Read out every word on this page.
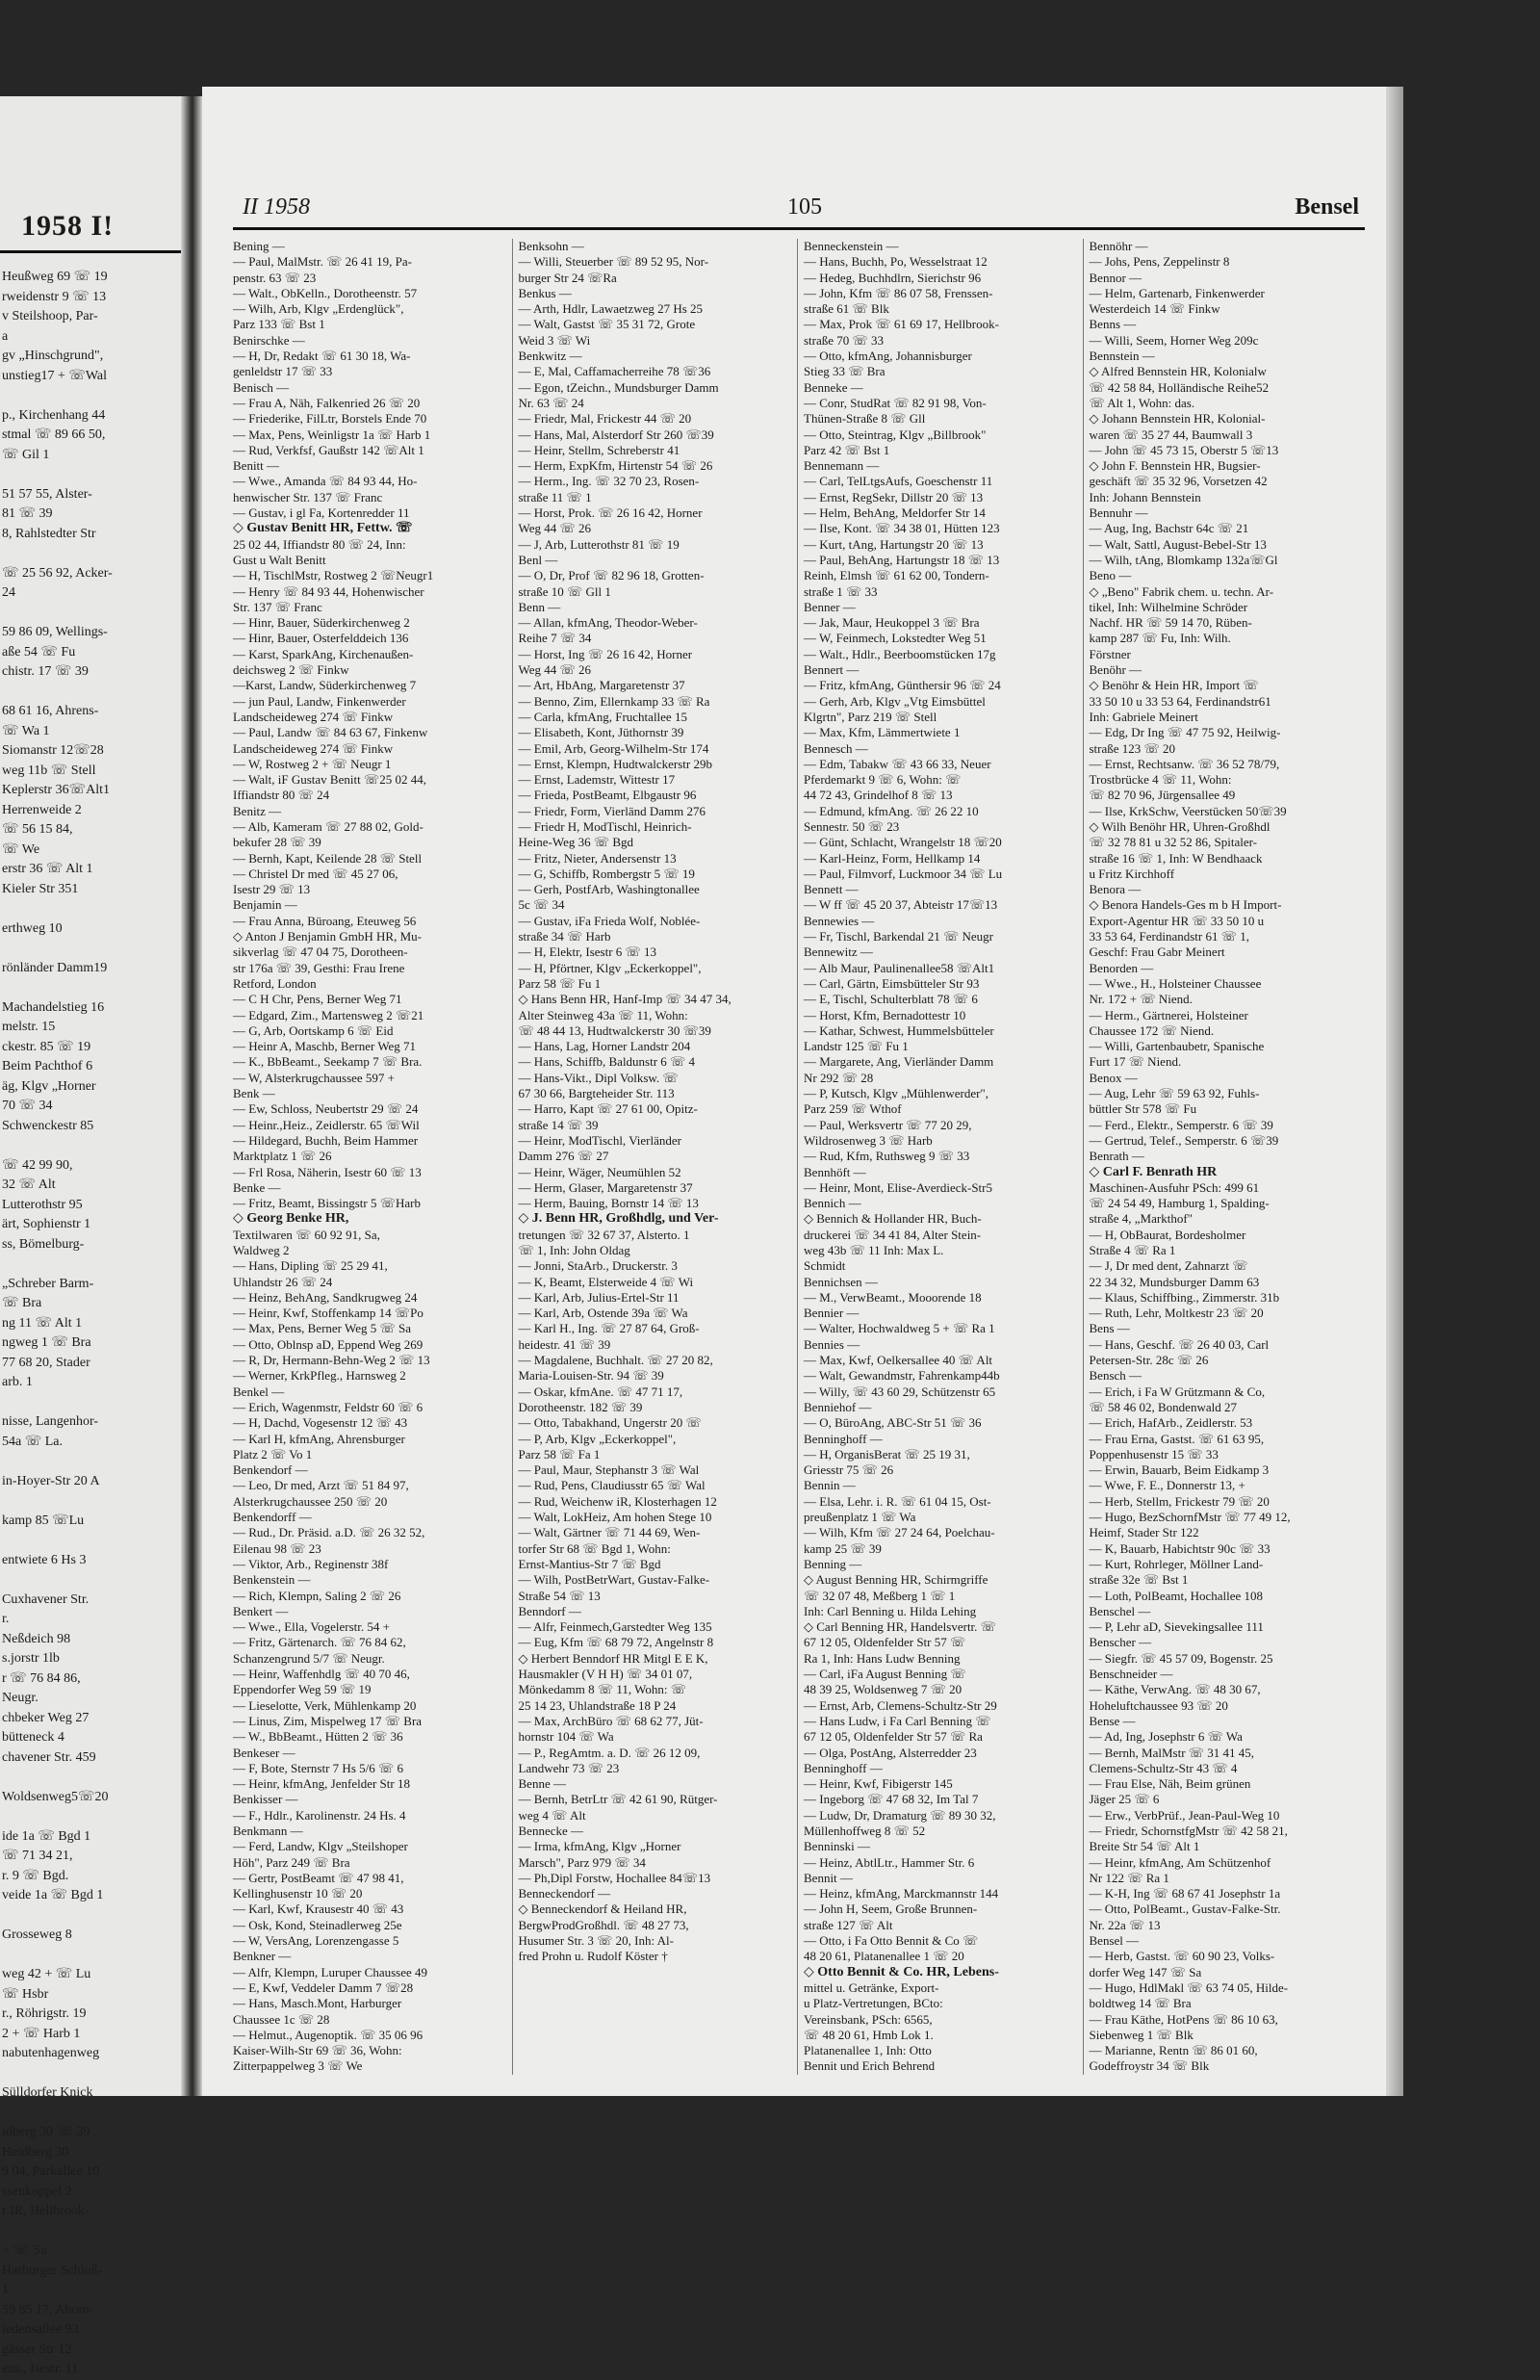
1958 I!
Heußweg 69 ☏ 19
rweidenstr 9 ☏ 13
v Steilshoop, Par-
a
gv „Hinschgrund",
unstieg17 + ☏Wal

p., Kirchenhang 44
stmal ☏ 89 66 50,
☏ Gil 1

51 57 55, Alster-
81 ☏ 39
8, Rahlstedter Str

☏ 25 56 92, Acker-
24

59 86 09, Wellings-
aße 54 ☏ Fu
chistr. 17 ☏ 39

68 61 16, Ahrens-
☏ Wa 1
Siomanstr 12☏28
weg 11b ☏ Stell
Keplerstr 36☏Alt1
Herrenweide 2
☏ 56 15 84,
☏ We
erstr 36 ☏ Alt 1
Kieler Str 351

erthweg 10

rönländer Damm19

Machandelstieg 16
melstr. 15
ckestr. 85 ☏ 19
Beim Pachthof 6
äg, Klgv „Horner
70 ☏ 34
Schwenckestr 85

☏ 42 99 90,
32 ☏ Alt
Lutterothstr 95
ärt, Sophienstr 1
ss, Bömelburg-

„Schreber Barm-
☏ Bra
ng 11 ☏ Alt 1
ngweg 1 ☏ Bra
77 68 20, Stader
arb. 1

nisse, Langenhor-
54a ☏ La.

in-Hoyer-Str 20 A

kamp 85 ☏Lu

entwiete 6 Hs 3

Cuxhavener Str.
r.
Neßdeich 98
s.jorstr 1lb
r ☏ 76 84 86,
Neugr.
chbeker Weg 27
bütteneck 4
chavener Str. 459

Woldsenweg5☏20

ide 1a ☏ Bgd 1
☏ 71 34 21,
r. 9 ☏ Bgd.
veide 1a ☏ Bgd 1

Grosseweg 8

weg 42 + ☏ Lu
☏ Hsbr
r., Röhrigstr. 19
2 + ☏ Harb 1
nabutenhagenweg

Sülldorfer Knick

idberg 30 ☏ 39
Heidberg 30
9 04, Parkallee 10
ssenkoppel 2
r IR, Hellbrook-

+ ☏ Sa
Harburger Schloß-
1
59 85 17, Ahorn-
iedensallee 93
gässer Str 12
ens., Isestr. 11
II 1958	105	Bensel
Bening —
— Paul, MalMstr. ☏ 26 41 19, Pa-
penstr. 63 ☏ 23
— Walt., ObKelln., Dorotheenstr. 57
— Wilh, Arb, Klgv „Erdenglück",
Parz 133 ☏ Bst 1
Benirschke —
— H, Dr, Redakt ☏ 61 30 18, Wa-
genleldstr 17 ☏ 33
Benisch —
— Frau A, Näh, Falkenried 26 ☏ 20
— Friederike, FilLtr, Borstels Ende 70
— Max, Pens, Weinligstr 1a ☏ Harb 1
— Rud, Verkfsf, Gaußstr 142 ☏Alt 1
Benitt —
— Wwe., Amanda ☏ 84 93 44, Ho-
henwischer Str. 137 ☏ Franc
— Gustav, i gl Fa, Kortenredder 11
◇ Gustav Benitt HR, Fettw. ☏
25 02 44, Iffiandstr 80 ☏ 24, Inn:
Gust u Walt Benitt
— H, TischlMstr, Rostweg 2 ☏Neugr1
— Henry ☏ 84 93 44, Hohenwischer
Str. 137 ☏ Franc
— Hinr, Bauer, Süderkirchenweg 2
— Hinr, Bauer, Osterfelddeich 136
— Karst, SparkAng, Kirchenaußen-
deichsweg 2 ☏ Finkw
—Karst, Landw, Süderkirchenweg 7
— jun Paul, Landw, Finkenwerder
Landscheideweg 274 ☏ Finkw
— Paul, Landw ☏ 84 63 67, Finkenw
Landscheideweg 274 ☏ Finkw
— W, Rostweg 2 + ☏ Neugr 1
— Walt, iF Gustav Benitt ☏25 02 44,
Iffiandstr 80 ☏ 24
Benitz —
— Alb, Kameram ☏ 27 88 02, Gold-
bekufer 28 ☏ 39
— Bernh, Kapt, Keilende 28 ☏ Stell
— Christel Dr med ☏ 45 27 06,
Isestr 29 ☏ 13
Benjamin —
— Frau Anna, Büroang, Eteuweg 56
◇ Anton J Benjamin GmbH HR, Mu-
sikverlag ☏ 47 04 75, Dorotheen-
str 176a ☏ 39, Gesthi: Frau Irene
Retford, London
— C H Chr, Pens, Berner Weg 71
— Edgard, Zim., Martensweg 2 ☏21
— G, Arb, Oortskamp 6 ☏ Eid
— Heinr A, Maschb, Berner Weg 71
— K., BbBeamt., Seekamp 7 ☏ Bra.
— W, Alsterkrugchaussee 597 +
Benk —
— Ew, Schloss, Neubertstr 29 ☏ 24
— Heinr.,Heiz., Zeidlerstr. 65 ☏Wil
— Hildegard, Buchh, Beim Hammer
Marktplatz 1 ☏ 26
— Frl Rosa, Näherin, Isestr 60 ☏ 13
Benke —
— Fritz, Beamt, Bissingstr 5 ☏Harb
◇ Georg Benke HR,
Textilwaren ☏ 60 92 91, Sa,
Waldweg 2
— Hans, Dipling ☏ 25 29 41,
Uhlandstr 26 ☏ 24
— Heinz, BehAng, Sandkrugweg 24
— Heinr, Kwf, Stoffenkamp 14 ☏Po
— Max, Pens, Berner Weg 5 ☏ Sa
— Otto, Oblnsp aD, Eppend Weg 269
— R, Dr, Hermann-Behn-Weg 2 ☏ 13
— Werner, KrkPfleg., Harnsweg 2
Benkel —
— Erich, Wagenmstr, Feldstr 60 ☏ 6
— H, Dachd, Vogesenstr 12 ☏ 43
— Karl H, kfmAng, Ahrensburger
Platz 2 ☏ Vo 1
Benkendorf —
— Leo, Dr med, Arzt ☏ 51 84 97,
Alsterkrugchaussee 250 ☏ 20
Benkendorff —
— Rud., Dr. Präsid. a.D. ☏ 26 32 52,
Eilenau 98 ☏ 23
— Viktor, Arb., Reginenstr 38f
Benkenstein —
— Rich, Klempn, Saling 2 ☏ 26
Benkert —
— Wwe., Ella, Vogelerstr. 54 +
— Fritz, Gärtenarch. ☏ 76 84 62,
Schanzengrund 5/7 ☏ Neugr.
— Heinr, Waffenhdlg ☏ 40 70 46,
Eppendorfer Weg 59 ☏ 19
— Lieselotte, Verk, Mühlenkamp 20
— Linus, Zim, Mispelweg 17 ☏ Bra
— W., BbBeamt., Hütten 2 ☏ 36
Benkeser —
— F, Bote, Sternstr 7 Hs 5/6 ☏ 6
— Heinr, kfmAng, Jenfelder Str 18
Benkisser —
— F., Hdlr., Karolinenstr. 24 Hs. 4
Benkmann —
— Ferd, Landw, Klgv „Steilshoper
Höh", Parz 249 ☏ Bra
— Gertr, PostBeamt ☏ 47 98 41,
Kellinghusenstr 10 ☏ 20
— Karl, Kwf, Krausestr 40 ☏ 43
— Osk, Kond, Steinadlerweg 25e
— W, VersAng, Lorenzengasse 5
Benkner —
— Alfr, Klempn, Luruper Chaussee 49
— E, Kwf, Veddeler Damm 7 ☏28
— Hans, Masch.Mont, Harburger
Chaussee 1c ☏ 28
— Helmut., Augenoptik. ☏ 35 06 96
Kaiser-Wilh-Str 69 ☏ 36, Wohn:
Zitterpappelweg 3 ☏ We
Benksohn —
— Willi, Steuerber ☏ 89 52 95, Nor-
burger Str 24 ☏Ra
Benkus —
— Arth, Hdlr, Lawaetzweg 27 Hs 25
— Walt, Gastst ☏ 35 31 72, Grote
Weid 3 ☏ Wi
Benkwitz —
— E, Mal, Caffamacherreihe 78 ☏36
— Egon, tZeichn., Mundsburger Damm
Nr. 63 ☏ 24
— Friedr, Mal, Frickestr 44 ☏ 20
— Hans, Mal, Alsterdorf Str 260 ☏39
— Heinr, Stellm, Schreberstr 41
— Herm, ExpKfm, Hirtenstr 54 ☏ 26
— Herm., Ing. ☏ 32 70 23, Rosen-
straße 11 ☏ 1
— Horst, Prok. ☏ 26 16 42, Horner
Weg 44 ☏ 26
— J, Arb, Lutterothstr 81 ☏ 19
Benl —
— O, Dr, Prof ☏ 82 96 18, Grotten-
straße 10 ☏ Gll 1
Benn —
— Allan, kfmAng, Theodor-Weber-
Reihe 7 ☏ 34
— Horst, Ing ☏ 26 16 42, Horner
Weg 44 ☏ 26
— Art, HbAng, Margaretenstr 37
— Benno, Zim, Ellernkamp 33 ☏ Ra
— Carla, kfmAng, Fruchtallee 15
— Elisabeth, Kont, Jüthornstr 39
— Emil, Arb, Georg-Wilhelm-Str 174
— Ernst, Klempn, Hudtwalckerstr 29b
— Ernst, Lademstr, Wittestr 17
— Frieda, PostBeamt, Elbgaustr 96
— Friedr, Form, Vierländ Damm 276
— Friedr H, ModTischl, Heinrich-
Heine-Weg 36 ☏ Bgd
— Fritz, Nieter, Andersenstr 13
— G, Schiffb, Rombergstr 5 ☏ 19
— Gerh, PostfArb, Washingtonallee
5c ☏ 34
— Gustav, iFa Frieda Wolf, Noblée-
straße 34 ☏ Harb
— H, Elektr, Isestr 6 ☏ 13
— H, Pförtner, Klgv „Eckerkoppel",
Parz 58 ☏ Fu 1
◇ Hans Benn HR, Hanf-Imp ☏ 34 47 34,
Alter Steinweg 43a ☏ 11, Wohn:
☏ 48 44 13, Hudtwalckerstr 30 ☏39
— Hans, Lag, Horner Landstr 204
— Hans, Schiffb, Baldunstr 6 ☏ 4
— Hans-Vikt., Dipl Volksw. ☏
67 30 66, Bargteheider Str. 113
— Harro, Kapt ☏ 27 61 00, Opitz-
straße 14 ☏ 39
— Heinr, ModTischl, Vierländer
Damm 276 ☏ 27
— Heinr, Wäger, Neumühlen 52
— Herm, Glaser, Margaretenstr 37
— Herm, Bauing, Bornstr 14 ☏ 13
◇ J. Benn HR, Großhdlg, und Ver-
tretungen ☏ 32 67 37, Alsterto. 1
☏ 1, Inh: John Oldag
— Jonni, StaArb., Druckerstr. 3
— K, Beamt, Elsterweide 4 ☏ Wi
— Karl, Arb, Julius-Ertel-Str 11
— Karl, Arb, Ostende 39a ☏ Wa
— Karl H., Ing. ☏ 27 87 64, Groß-
heidestr. 41 ☏ 39
— Magdalene, Buchhalt. ☏ 27 20 82,
Maria-Louisen-Str. 94 ☏ 39
— Oskar, kfmAne. ☏ 47 71 17,
Dorotheenstr. 182 ☏ 39
— Otto, Tabakhand, Ungerstr 20 ☏
— P, Arb, Klgv „Eckerkoppel",
Parz 58 ☏ Fa 1
— Paul, Maur, Stephanstr 3 ☏ Wal
— Rud, Pens, Claudiusstr 65 ☏ Wal
— Rud, Weichenw iR, Klosterhagen 12
— Walt, LokHeiz, Am hohen Stege 10
— Walt, Gärtner ☏ 71 44 69, Wen-
torfer Str 68 ☏ Bgd 1, Wohn:
Ernst-Mantius-Str 7 ☏ Bgd
— Wilh, PostBetrWart, Gustav-Falke-
Straße 54 ☏ 13
Benndorf —
— Alfr, Feinmech,Garstedter Weg 135
— Eug, Kfm ☏ 68 79 72, Angelnstr 8
◇ Herbert Benndorf HR Mitgl E E K,
Hausmakler (V H H) ☏ 34 01 07,
Mönkedamm 8 ☏ 11, Wohn: ☏
25 14 23, Uhlandstraße 18 P 24
— Max, ArchBüro ☏ 68 62 77, Jüt-
hornstr 104 ☏ Wa
— P., RegAmtm. a. D. ☏ 26 12 09,
Landwehr 73 ☏ 23
Benne —
— Bernh, BetrLtr ☏ 42 61 90, Rütger-
weg 4 ☏ Alt
Bennecke —
— Irma, kfmAng, Klgv „Horner
Marsch", Parz 979 ☏ 34
— Ph,Dipl Forstw, Hochallee 84☏13
Benneckendorf —
◇ Benneckendorf & Heiland HR,
BergwProdGroßhdl. ☏ 48 27 73,
Husumer Str. 3 ☏ 20, Inh: Al-
fred Prohn u. Rudolf Köster †
Benneckenstein —
— Hans, Buchh, Po, Wesselstraat 12
— Hedeg, Buchhdlrn, Sierichstr 96
— John, Kfm ☏ 86 07 58, Frenssen-
straße 61 ☏ Blk
— Max, Prok ☏ 61 69 17, Hellbrook-
straße 70 ☏ 33
— Otto, kfmAng, Johannisburger
Stieg 33 ☏ Bra
Benneke —
— Conr, StudRat ☏ 82 91 98, Von-
Thünen-Straße 8 ☏ Gll
— Otto, Steintrag, Klgv „Billbrook"
Parz 42 ☏ Bst 1
Bennemann —
— Carl, TelLtgsAufs, Goeschenstr 11
— Ernst, RegSekr, Dillstr 20 ☏ 13
— Helm, BehAng, Meldorfer Str 14
— Ilse, Kont. ☏ 34 38 01, Hütten 123
— Kurt, tAng, Hartungstr 20 ☏ 13
— Paul, BehAng, Hartungstr 18 ☏ 13
Reinh, Elmsh ☏ 61 62 00, Tondern-
straße 1 ☏ 33
Benner —
— Jak, Maur, Heukoppel 3 ☏ Bra
— W, Feinmech, Lokstedter Weg 51
— Walt., Hdlr., Beerboomstücken 17g
Bennert —
— Fritz, kfmAng, Günthersir 96 ☏ 24
— Gerh, Arb, Klgv „Vtg Eimsbüttel
Klgrtn", Parz 219 ☏ Stell
— Max, Kfm, Lämmertwiete 1
Bennesch —
— Edm, Tabakw ☏ 43 66 33, Neuer
Pferdemarkt 9 ☏ 6, Wohn: ☏
44 72 43, Grindelhof 8 ☏ 13
— Edmund, kfmAng. ☏ 26 22 10
Sennestr. 50 ☏ 23
— Günt, Schlacht, Wrangelstr 18 ☏20
— Karl-Heinz, Form, Hellkamp 14
— Paul, Filmvorf, Luckmoor 34 ☏ Lu
Bennett —
— W ff ☏ 45 20 37, Abteistr 17☏13
Bennewies —
— Fr, Tischl, Barkendal 21 ☏ Neugr
Bennewitz —
— Alb Maur, Paulinenallee58 ☏Alt1
— Carl, Gärtn, Eimsbütteler Str 93
— E, Tischl, Schulterblatt 78 ☏ 6
— Horst, Kfm, Bernadottestr 10
— Kathar, Schwest, Hummelsbütteler
Landstr 125 ☏ Fu 1
— Margarete, Ang, Vierländer Damm
Nr 292 ☏ 28
— P, Kutsch, Klgv „Mühlenwerder",
Parz 259 ☏ Wthof
— Paul, Werksvertr ☏ 77 20 29,
Wildrosenweg 3 ☏ Harb
— Rud, Kfm, Ruthsweg 9 ☏ 33
Bennhöft —
— Heinr, Mont, Elise-Averdieck-Str5
Bennich —
◇ Bennich & Hollander HR, Buch-
druckerei ☏ 34 41 84, Alter Stein-
weg 43b ☏ 11 Inh: Max L.
Schmidt
Bennichsen —
— M., VerwBeamt., Mooorende 18
Bennier —
— Walter, Hochwaldweg 5 + ☏ Ra 1
Bennies —
— Max, Kwf, Oelkersallee 40 ☏ Alt
— Walt, Gewandmstr, Fahrenkamp44b
— Willy, ☏ 43 60 29, Schützenstr 65
Benniehof —
— O, BüroAng, ABC-Str 51 ☏ 36
Benninghoff —
— H, OrganisBerat ☏ 25 19 31,
Griesstr 75 ☏ 26
Bennin —
— Elsa, Lehr. i. R. ☏ 61 04 15, Ost-
preußenplatz 1 ☏ Wa
— Wilh, Kfm ☏ 27 24 64, Poelchau-
kamp 25 ☏ 39
Benning —
◇ August Benning HR, Schirmgriffe
☏ 32 07 48, Meßberg 1 ☏ 1
Inh: Carl Benning u. Hilda Lehing
◇ Carl Benning HR, Handelsvertr. ☏
67 12 05, Oldenfelder Str 57 ☏
Ra 1, Inh: Hans Ludw Benning
— Carl, iFa August Benning ☏
48 39 25, Woldsenweg 7 ☏ 20
— Ernst, Arb, Clemens-Schultz-Str 29
— Hans Ludw, i Fa Carl Benning ☏
67 12 05, Oldenfelder Str 57 ☏ Ra
— Olga, PostAng, Alsterredder 23
Benninghoff —
— Heinr, Kwf, Fibigerstr 145
— Ingeborg ☏ 47 68 32, Im Tal 7
— Ludw, Dr, Dramaturg ☏ 89 30 32,
Müllenhoffweg 8 ☏ 52
Benninski —
— Heinz, AbtlLtr., Hammer Str. 6
Bennit —
— Heinz, kfmAng, Marckmannstr 144
— John H, Seem, Große Brunnen-
straße 127 ☏ Alt
— Otto, i Fa Otto Bennit & Co ☏
48 20 61, Platanenallee 1 ☏ 20
◇ Otto Bennit & Co. HR, Lebens-
mittel u. Getränke, Export-
u Platz-Vertretungen, BCto:
Vereinsbank, PSch: 6565,
☏ 48 20 61, Hmb Lok 1.
Platanenallee 1, Inh: Otto
Bennit und Erich Behrend
Bennöhr —
— Johs, Pens, Zeppelinstr 8
Bennor —
— Helm, Gartenarb, Finkenwerder
Westerdeich 14 ☏ Finkw
Benns —
— Willi, Seem, Horner Weg 209c
Bennstein —
◇ Alfred Bennstein HR, Kolonialw
☏ 42 58 84, Holländische Reihe52
☏ Alt 1, Wohn: das.
◇ Johann Bennstein HR, Kolonial-
waren ☏ 35 27 44, Baumwall 3
— John ☏ 45 73 15, Oberstr 5 ☏13
◇ John F. Bennstein HR, Bugsier-
geschäft ☏ 35 32 96, Vorsetzen 42
Inh: Johann Bennstein
Bennuhr —
— Aug, Ing, Bachstr 64c ☏ 21
— Walt, Sattl, August-Bebel-Str 13
— Wilh, tAng, Blomkamp 132a☏Gl
Beno —
◇ „Beno" Fabrik chem. u. techn. Ar-
tikel, Inh: Wilhelmine Schröder
Nachf. HR ☏ 59 14 70, Rüben-
kamp 287 ☏ Fu, Inh: Wilh.
Förstner
Benöhr —
◇ Benöhr & Hein HR, Import ☏
33 50 10 u 33 53 64, Ferdinandstr61
Inh: Gabriele Meinert
— Edg, Dr Ing ☏ 47 75 92, Heilwig-
straße 123 ☏ 20
— Ernst, Rechtsanw. ☏ 36 52 78/79,
Trostbrücke 4 ☏ 11, Wohn:
☏ 82 70 96, Jürgensallee 49
— Ilse, KrkSchw, Veerstücken 50☏39
◇ Wilh Benöhr HR, Uhren-Großhdl
☏ 32 78 81 u 32 52 86, Spitaler-
straße 16 ☏ 1, Inh: W Bendhaack
u Fritz Kirchhoff
Benora —
◇ Benora Handels-Ges m b H Import-
Export-Agentur HR ☏ 33 50 10 u
33 53 64, Ferdinandstr 61 ☏ 1,
Geschf: Frau Gabr Meinert
Benorden —
— Wwe., H., Holsteiner Chaussee
Nr. 172 + ☏ Niend.
— Herm., Gärtnerei, Holsteiner
Chaussee 172 ☏ Niend.
— Willi, Gartenbaubetr, Spanische
Furt 17 ☏ Niend.
Benox —
— Aug, Lehr ☏ 59 63 92, Fuhls-
büttler Str 578 ☏ Fu
— Ferd., Elektr., Semperstr. 6 ☏ 39
— Gertrud, Telef., Semperstr. 6 ☏39
Benrath —
◇ Carl F. Benrath HR
Maschinen-Ausfuhr PSch: 499 61
☏ 24 54 49, Hamburg 1, Spalding-
straße 4, „Markthof"
— H, ObBaurat, Bordesholmer
Straße 4 ☏ Ra 1
— J, Dr med dent, Zahnarzt ☏
22 34 32, Mundsburger Damm 63
— Klaus, Schiffbing., Zimmerstr. 31b
— Ruth, Lehr, Moltkestr 23 ☏ 20
Bens —
— Hans, Geschf. ☏ 26 40 03, Carl
Petersen-Str. 28c ☏ 26
Bensch —
— Erich, i Fa W Grützmann & Co,
☏ 58 46 02, Bondenwald 27
— Erich, HafArb., Zeidlerstr. 53
— Frau Erna, Gastst. ☏ 61 63 95,
Poppenhusenstr 15 ☏ 33
— Erwin, Bauarb, Beim Eidkamp 3
— Wwe, F. E., Donnerstr 13, +
— Herb, Stellm, Frickestr 79 ☏ 20
— Hugo, BezSchornfMstr ☏ 77 49 12,
Heimf, Stader Str 122
— K, Bauarb, Habichtstr 90c ☏ 33
— Kurt, Rohrleger, Möllner Land-
straße 32e ☏ Bst 1
— Loth, PolBeamt, Hochallee 108
Benschel —
— P, Lehr aD, Sievekingsallee 111
Benscher —
— Siegfr. ☏ 45 57 09, Bogenstr. 25
Benschneider —
— Käthe, VerwAng. ☏ 48 30 67,
Hoheluftchaussee 93 ☏ 20
Bense —
— Ad, Ing, Josephstr 6 ☏ Wa
— Bernh, MalMstr ☏ 31 41 45,
Clemens-Schultz-Str 43 ☏ 4
— Frau Else, Näh, Beim grünen
Jäger 25 ☏ 6
— Erw., VerbPrüf., Jean-Paul-Weg 10
— Friedr, SchornstfgMstr ☏ 42 58 21,
Breite Str 54 ☏ Alt 1
— Heinr, kfmAng, Am Schützenhof
Nr 122 ☏ Ra 1
— K-H, Ing ☏ 68 67 41 Josephstr 1a
— Otto, PolBeamt., Gustav-Falke-Str.
Nr. 22a ☏ 13
Bensel —
— Herb, Gastst. ☏ 60 90 23, Volks-
dorfer Weg 147 ☏ Sa
— Hugo, HdlMakl ☏ 63 74 05, Hilde-
boldtweg 14 ☏ Bra
— Frau Käthe, HotPens ☏ 86 10 63,
Siebenweg 1 ☏ Blk
— Marianne, Rentn ☏ 86 01 60,
Godeffroystr 34 ☏ Blk
